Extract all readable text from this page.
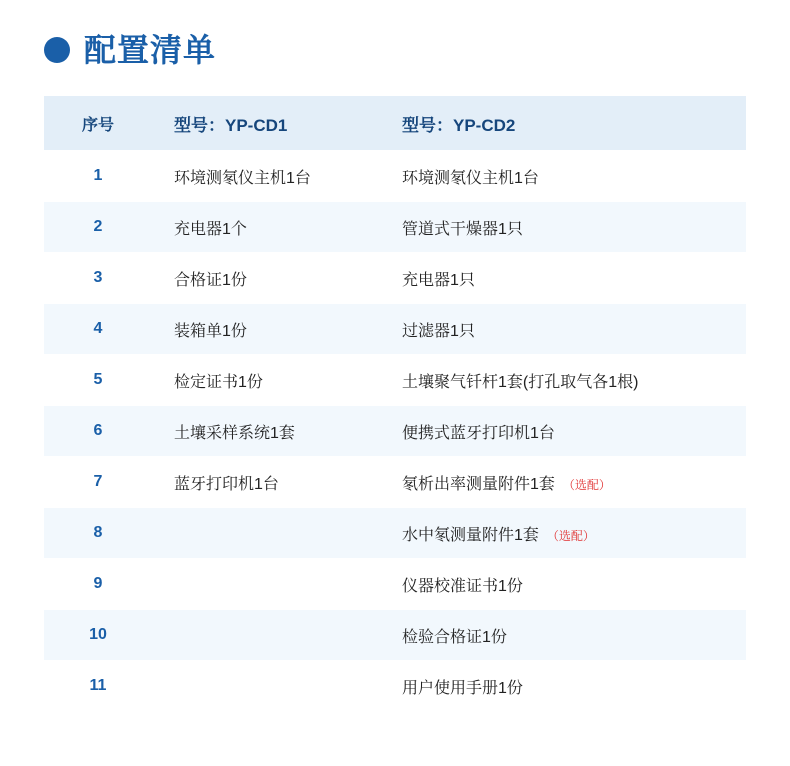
配置清单
序号	型号：YP-CD1	型号：YP-CD2
1	环境测氡仪主机1台	环境测氡仪主机1台
2	充电器1个	管道式干燥器1只
3	合格证1份	充电器1只
4	装箱单1份	过滤器1只
5	检定证书1份	土壤聚气钎杆1套(打孔取气各1根)
6	土壤采样系统1套	便携式蓝牙打印机1台
7	蓝牙打印机1台	氡析出率测量附件1套 （选配）
8		水中氡测量附件1套 （选配）
9		仪器校准证书1份
10		检验合格证1份
11		用户使用手册1份
